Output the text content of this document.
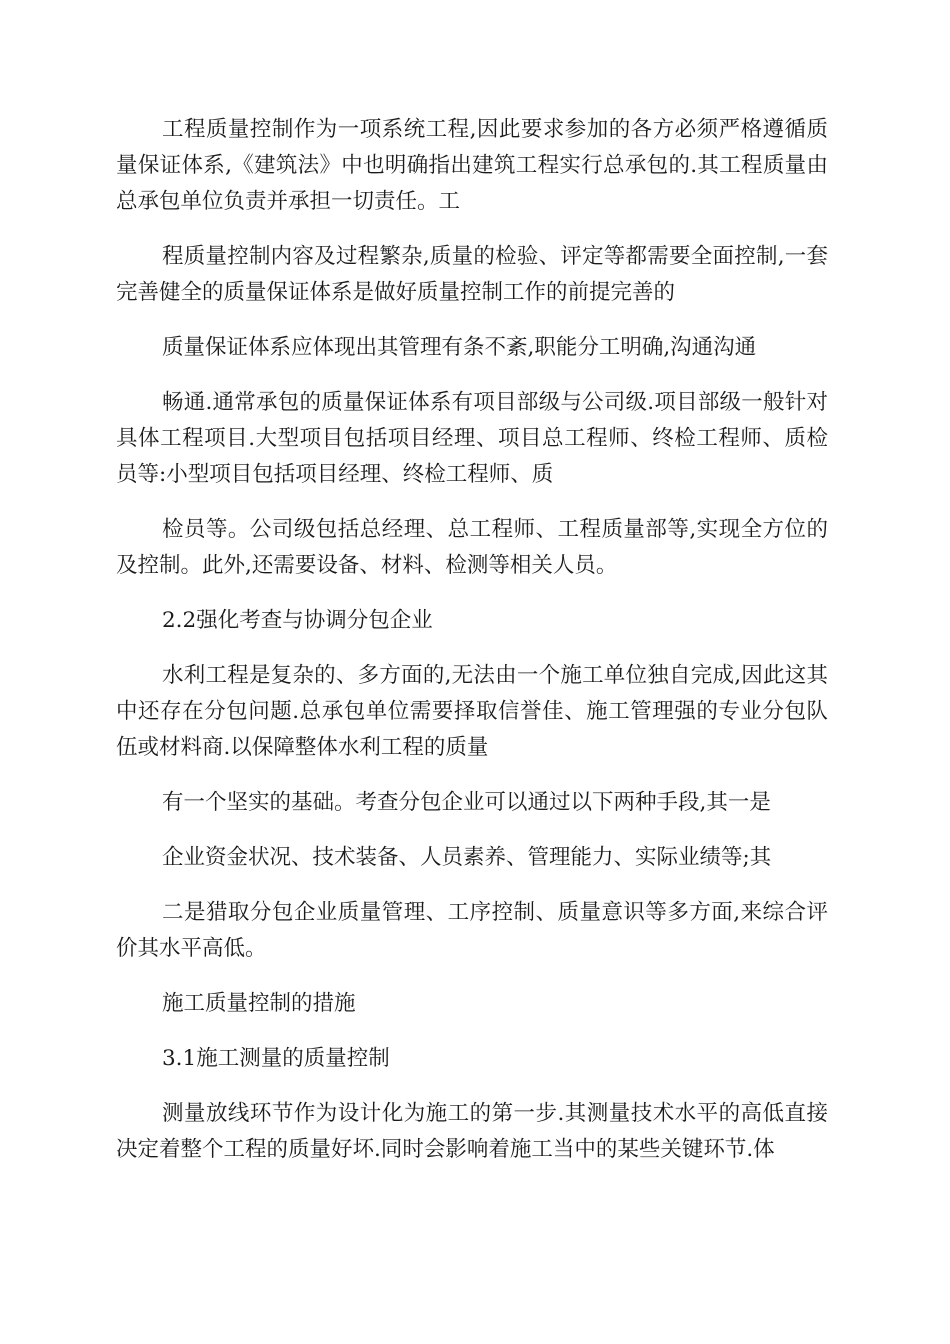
工程质量控制作为一项系统工程,因此要求参加的各方必须严格遵循质量保证体系,《建筑法》中也明确指出建筑工程实行总承包的.其工程质量由总承包单位负责并承担一切责任。工

程质量控制内容及过程繁杂,质量的检验、评定等都需要全面控制,一套完善健全的质量保证体系是做好质量控制工作的前提完善的

质量保证体系应体现出其管理有条不紊,职能分工明确,沟通沟通

畅通.通常承包的质量保证体系有项目部级与公司级.项目部级一般针对具体工程项目.大型项目包括项目经理、项目总工程师、终检工程师、质检员等:小型项目包括项目经理、终检工程师、质

检员等。公司级包括总经理、总工程师、工程质量部等,实现全方位的及控制。此外,还需要设备、材料、检测等相关人员。

2.2强化考查与协调分包企业

水利工程是复杂的、多方面的,无法由一个施工单位独自完成,因此这其中还存在分包问题.总承包单位需要择取信誉佳、施工管理强的专业分包队伍或材料商.以保障整体水利工程的质量

有一个坚实的基础。考查分包企业可以通过以下两种手段,其一是

企业资金状况、技术装备、人员素养、管理能力、实际业绩等;其

二是猎取分包企业质量管理、工序控制、质量意识等多方面,来综合评价其水平高低。

施工质量控制的措施

3.1施工测量的质量控制

测量放线环节作为设计化为施工的第一步.其测量技术水平的高低直接决定着整个工程的质量好坏.同时会影响着施工当中的某些关键环节.体
